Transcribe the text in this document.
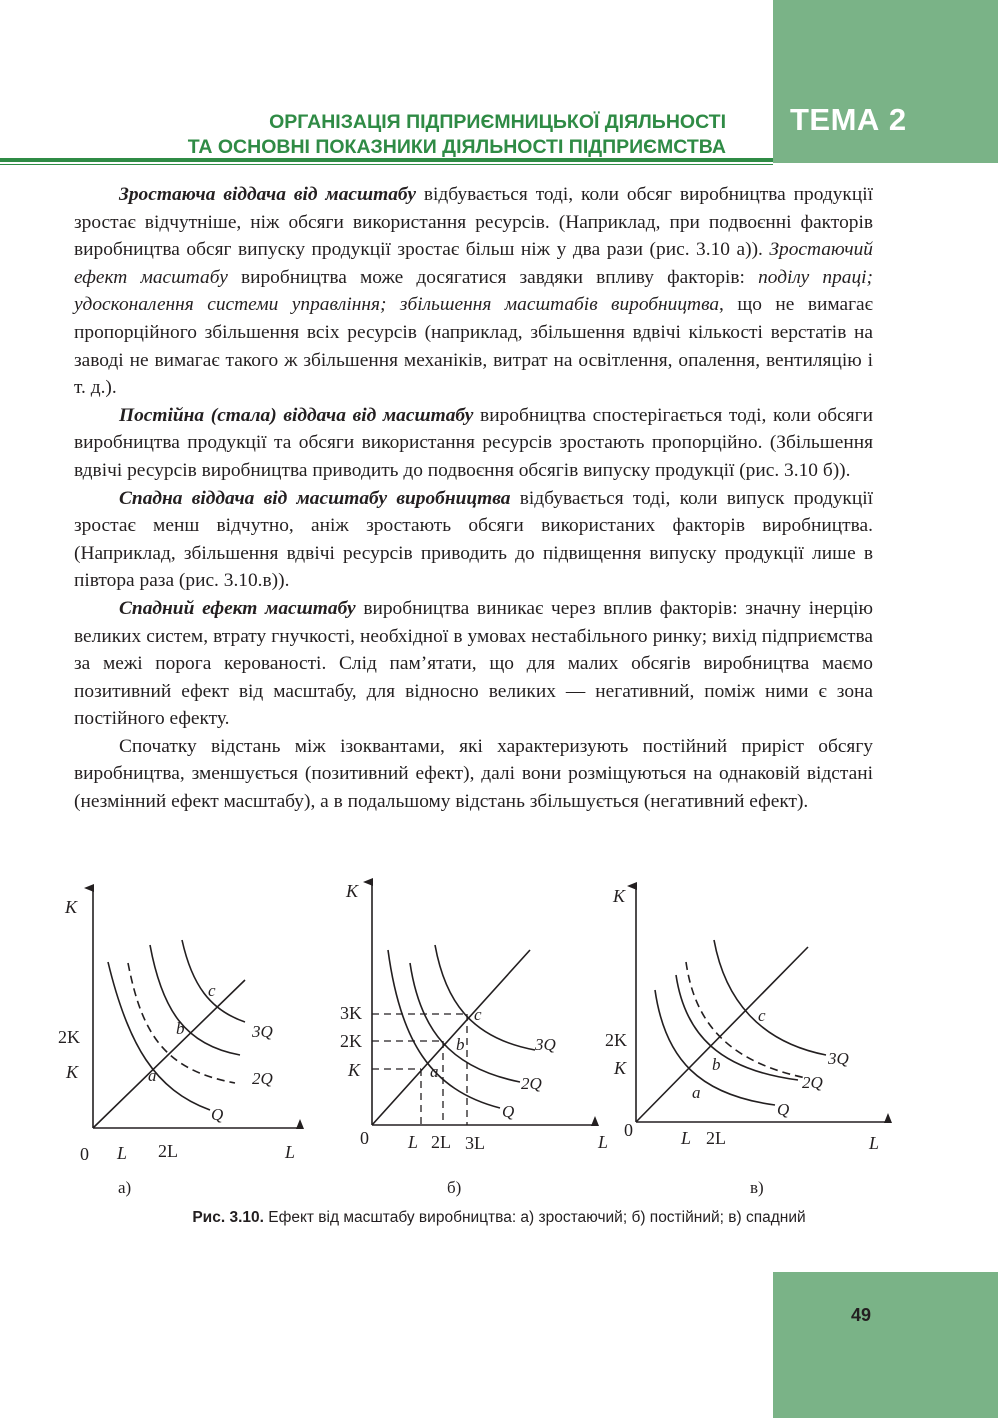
ТЕМА 2
ОРГАНІЗАЦІЯ ПІДПРИЄМНИЦЬКОЇ ДІЯЛЬНОСТІ
ТА ОСНОВНІ ПОКАЗНИКИ ДІЯЛЬНОСТІ ПІДПРИЄМСТВА

Зростаюча віддача від масштабу відбувається тоді, коли обсяг виробництва продукції зростає відчутніше, ніж обсяги використання ресурсів. (Наприклад, при подвоєнні факторів виробництва обсяг випуску продукції зростає більш ніж у два рази (рис. 3.10 а)). Зростаючий ефект масштабу виробництва може досягатися завдяки впливу факторів: поділу праці; удосконалення системи управління; збільшення масштабів виробництва, що не вимагає пропорційного збільшення всіх ресурсів (наприклад, збільшення вдвічі кількості верстатів на заводі не вимагає такого ж збільшення механіків, витрат на освітлення, опалення, вентиляцію і т. д.).

Постійна (стала) віддача від масштабу виробництва спостерігається тоді, коли обсяги виробництва продукції та обсяги використання ресурсів зростають пропорційно. (Збільшення вдвічі ресурсів виробництва приводить до подвоєння обсягів випуску продукції (рис. 3.10 б)).

Спадна віддача від масштабу виробництва відбувається тоді, коли випуск продукції зростає менш відчутно, аніж зростають обсяги використаних факторів виробництва. (Наприклад, збільшення вдвічі ресурсів приводить до підвищення випуску продукції лише в півтора раза (рис. 3.10.в)).

Спадний ефект масштабу виробництва виникає через вплив факторів: значну інерцію великих систем, втрату гнучкості, необхідної в умовах нестабільного ринку; вихід підприємства за межі порога керованості. Слід пам’ятати, що для малих обсягів виробництва маємо позитивний ефект від масштабу, для відносно великих — негативний, поміж ними є зона постійного ефекту.

Спочатку відстань між ізоквантами, які характеризують постійний приріст обсягу виробництва, зменшується (позитивний ефект), далі вони розміщуються на однаковій відстані (незмінний ефект масштабу), а в подальшому відстань збільшується (негативний ефект).

K
L
0
2K
K
L 2L
a
b
c
Q
2Q
3Q
а)
K
L
0
3K
2K
K
L 2L 3L
a
b
c
Q
2Q
3Q
б)
K
L
0
2K
K
L 2L
a
b
c
Q
2Q
3Q
в)
Рис. 3.10. Ефект від масштабу виробництва: а) зростаючий; б) постійний; в) спадний
49
